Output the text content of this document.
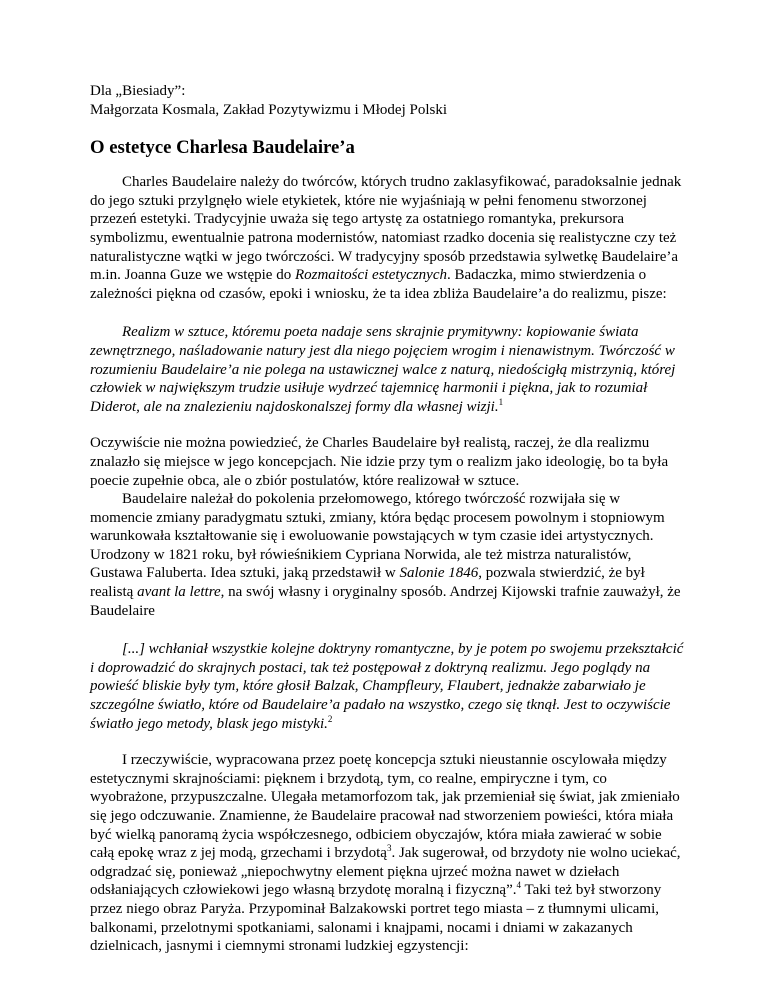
Dla „Biesiady”:

Małgorzata Kosmala, Zakład Pozytywizmu i Młodej Polski

O estetyce Charlesa Baudelaire’a

Charles Baudelaire należy do twórców, których trudno zaklasyfikować, paradoksalnie jednak do jego sztuki przylgnęło wiele etykietek, które nie wyjaśniają w pełni fenomenu stworzonej przezeń estetyki. Tradycyjnie uważa się tego artystę za ostatniego romantyka, prekursora symbolizmu, ewentualnie patrona modernistów, natomiast rzadko docenia się realistyczne czy też naturalistyczne wątki w jego twórczości. W tradycyjny sposób przedstawia sylwetkę Baudelaire’a m.in. Joanna Guze we wstępie do Rozmaitości estetycznych. Badaczka, mimo stwierdzenia o zależności piękna od czasów, epoki i wniosku, że ta idea zbliża Baudelaire’a do realizmu, pisze:

Realizm w sztuce, któremu poeta nadaje sens skrajnie prymitywny: kopiowanie świata zewnętrznego, naśladowanie natury jest dla niego pojęciem wrogim i nienawistnym. Twórczość w rozumieniu Baudelaire’a nie polega na ustawicznej walce z naturą, niedościgłą mistrzynią, której człowiek w największym trudzie usiłuje wydrzeć tajemnicę harmonii i piękna, jak to rozumiał Diderot, ale na znalezieniu najdoskonalszej formy dla własnej wizji.$^1$

Oczywiście nie można powiedzieć, że Charles Baudelaire był realistą, raczej, że dla realizmu znalazło się miejsce w jego koncepcjach. Nie idzie przy tym o realizm jako ideologię, bo ta była poecie zupełnie obca, ale o zbiór postulatów, które realizował w sztuce.

Baudelaire należał do pokolenia przełomowego, którego twórczość rozwijała się w momencie zmiany paradygmatu sztuki, zmiany, która będąc procesem powolnym i stopniowym warunkowała kształtowanie się i ewoluowanie powstających w tym czasie idei artystycznych. Urodzony w 1821 roku, był rówieśnikiem Cypriana Norwida, ale też mistrza naturalistów, Gustawa Faluberta. Idea sztuki, jaką przedstawił w Salonie 1846, pozwala stwierdzić, że był realistą avant la lettre, na swój własny i oryginalny sposób. Andrzej Kijowski trafnie zauważył, że Baudelaire

[...] wchłaniał wszystkie kolejne doktryny romantyczne, by je potem po swojemu przekształcić i doprowadzić do skrajnych postaci, tak też postępował z doktryną realizmu. Jego poglądy na powieść bliskie były tym, które głosił Balzak, Champfleury, Flaubert, jednakże zabarwiało je szczególne światło, które od Baudelaire’a padało na wszystko, czego się tknął. Jest to oczywiście światło jego metody, blask jego mistyki.$^2$

I rzeczywiście, wypracowana przez poetę koncepcja sztuki nieustannie oscylowała między estetycznymi skrajnościami: pięknem i brzydotą, tym, co realne, empiryczne i tym, co wyobrażone, przypuszczalne. Ulegała metamorfozom tak, jak przemieniał się świat, jak zmieniało się jego odczuwanie. Znamienne, że Baudelaire pracował nad stworzeniem powieści, która miała być wielką panoramą życia współczesnego, odbiciem obyczajów, która miała zawierać w sobie całą epokę wraz z jej modą, grzechami i brzydotą$^3$. Jak sugerował, od brzydoty nie wolno uciekać, odgradzać się, ponieważ „niepochwytny element piękna ujrzeć można nawet w dziełach odsłaniających człowiekowi jego własną brzydotę moralną i fizyczną”.$^4$ Taki też był stworzony przez niego obraz Paryża. Przypominał Balzakowski portret tego miasta – z tłumnymi ulicami, balkonami, przelotnymi spotkaniami, salonami i knajpami, nocami i dniami w zakazanych dzielnicach, jasnymi i ciemnymi stronami ludzkiej egzystencji:
